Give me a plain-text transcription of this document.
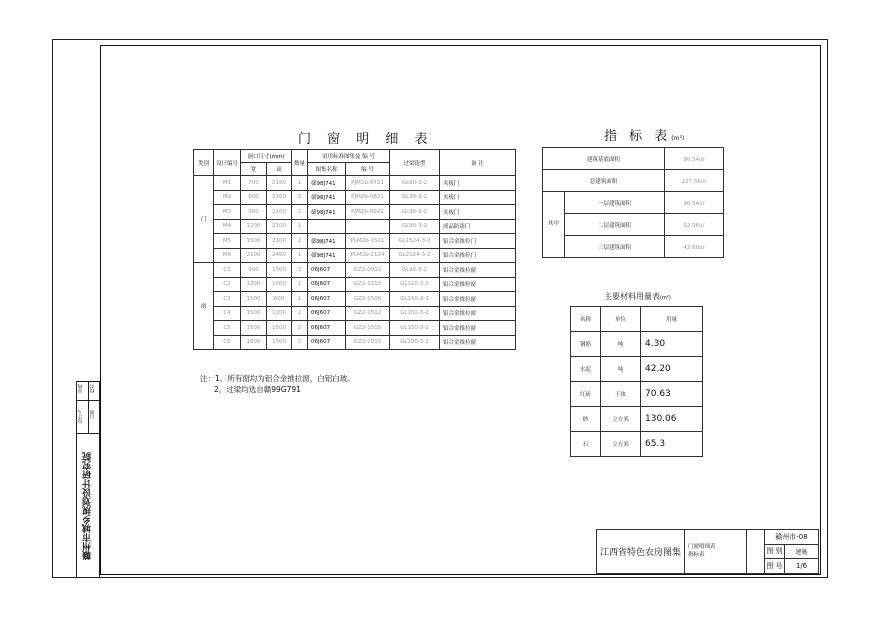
门 窗 明 细 表
类别	设计编号	洞口尺寸(mm)		数量	采用标准图集及 编 号		过梁选型	备 注
		宽	高		图集名称	编 号		
门	M1	700	2100	1	赣98J741	PJM2b-0721	GL90-3-2	夹板门
	M2	800	2100	3	赣98J741	PJM2b-0821	GL90-3-2	夹板门
	M3	900	2100	2	赣98J741	PJM2b-0921	GL90-3-2	夹板门
	M4	1200	2100	1			GL90-3-2	成品防盗门
	M5	1500	2100	2	赣98J741	PLM2b-1521	GL1524-3-2	铝合金推拉门
	M6	2100	2400	1	赣98J741	PLM2b-2124	GL2124-3-2	铝合金推拉门
窗	C1	900	1500	3	06J607	GZ2-0912	GL90-3-2	铝合金推拉窗
	C2	1200	1500	1	06J607	GZ2-1215	GL120-3-2	铝合金推拉窗
	C3	1500	600	1	06J607	GZ2-1506	GL150-3-2	铝合金推拉窗
	C4	1500	1200	2	06J607	GZ2-1512	GL150-3-2	铝合金推拉窗
	C5	1500	1500	2	06J607	GZ2-1515	GL150-3-2	铝合金推拉窗
	C6	1800	1500	2	06J607	GZ2-1815	GL180-3-2	铝合金推拉窗
注：1、所有窗均为铝合金推拉窗，白铝白玻。
2、过梁均选自赣99G791
指 标 表(m²)
建筑基底面积		90.54㎡
总建筑面积		227.56㎡
其中	一层建筑面积	90.54㎡
	二层建筑面积	92.96㎡
	三层建筑面积	42.60㎡
主要材料用量表(m²)
名称	单位	用量
钢筋	吨	4.30
水泥	吨	42.20
红砖	千块	70.63
砂	立方米	130.06
石	立方米	65.3
赣州市城乡规划设计研究院
审核 校对
设计人 日期
江西省特色农房图集	门窗明细表
指标表		赣州市-08	
			图 别	建施
			图 号	1/6
